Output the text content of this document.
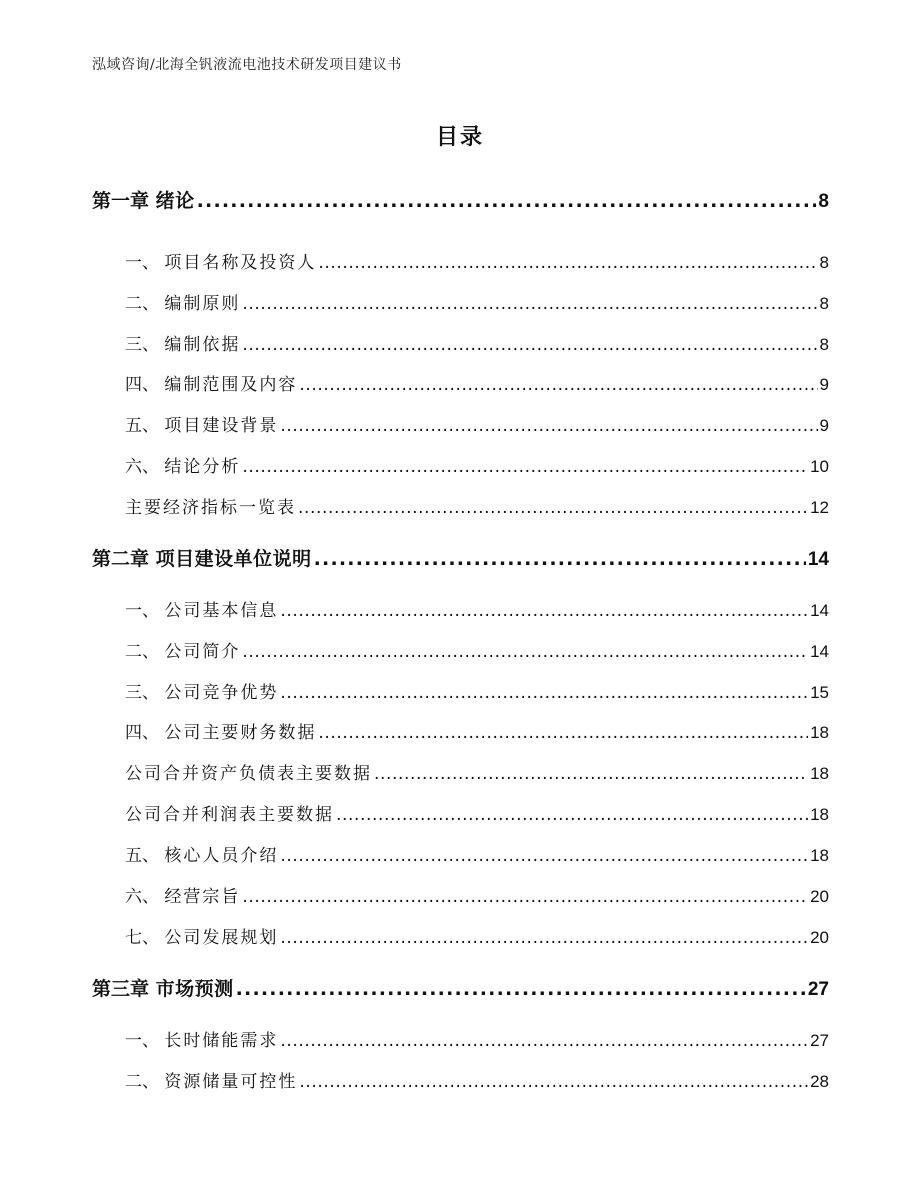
泓域咨询/北海全钒液流电池技术研发项目建议书
目录
第一章 绪论 .....	8
一、 项目名称及投资人 .....	8
二、 编制原则 .....	8
三、 编制依据 .....	8
四、 编制范围及内容 .....	9
五、 项目建设背景 .....	9
六、 结论分析 .....	10
主要经济指标一览表 .....	12
第二章 项目建设单位说明 .....	14
一、 公司基本信息 .....	14
二、 公司简介 .....	14
三、 公司竞争优势 .....	15
四、 公司主要财务数据 .....	18
公司合并资产负债表主要数据 .....	18
公司合并利润表主要数据 .....	18
五、 核心人员介绍 .....	18
六、 经营宗旨 .....	20
七、 公司发展规划 .....	20
第三章 市场预测 .....	27
一、 长时储能需求 .....	27
二、 资源储量可控性 .....	28
